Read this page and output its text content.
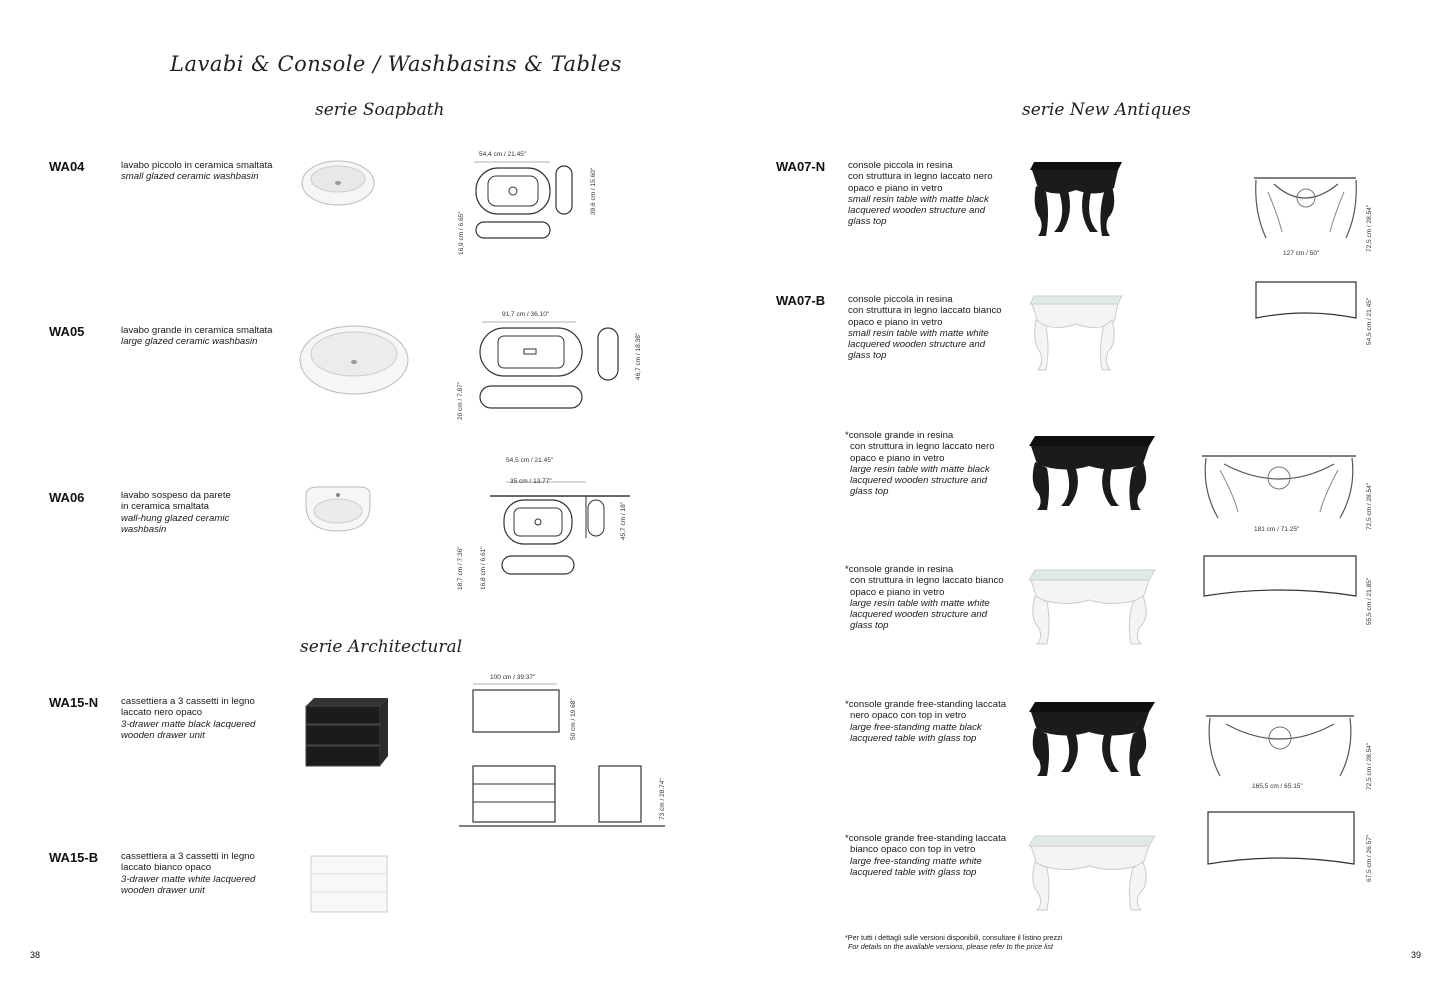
Lavabi & Console / Washbasins & Tables
serie Soapbath
serie Architectural
serie New Antiques
WA04	lavabo piccolo in ceramica smaltata
small glazed ceramic washbasin
54,4 cm / 21.45"
39,6 cm / 15.60"
16,9 cm / 6.65"
WA05	lavabo grande in ceramica smaltata
large glazed ceramic washbasin
91,7 cm / 36.10"
46,7 cm / 18.38"
20 cm / 7.87"
WA06	lavabo sospeso da parete
in ceramica smaltata
wall-hung glazed ceramic
washbasin
54,5 cm / 21.45"
35 cm / 13.77"
45,7 cm / 18"
18,7 cm / 7.36" 16,8 cm / 6.61"
WA15-N cassettiera a 3 cassetti in legno
laccato nero opaco
3-drawer matte black lacquered
wooden drawer unit
100 cm / 39.37"
50 cm / 19.68"
73 cm / 28.74"
WA15-B cassettiera a 3 cassetti in legno
laccato bianco opaco
3-drawer matte white lacquered
wooden drawer unit
38
WA07-N console piccola in resina
con struttura in legno laccato nero
opaco e piano in vetro
small resin table with matte black
lacquered wooden structure and
glass top
127 cm / 50"
72,5 cm / 28.54"
WA07-B console piccola in resina
con struttura in legno laccato bianco
opaco e piano in vetro
small resin table with matte white
lacquered wooden structure and
glass top
54,5 cm / 21.45"
*console grande in resina
con struttura in legno laccato nero
opaco e piano in vetro
large resin table with matte black
lacquered wooden structure and
glass top
181 cm / 71.25"	72,5 cm / 28.54"
*console grande in resina
con struttura in legno laccato bianco
opaco e piano in vetro
large resin table with matte white
lacquered wooden structure and
glass top
55,5 cm / 21.85"
*console grande free-standing laccata
nero opaco con top in vetro
large free-standing matte black
lacquered table with glass top
165,5 cm / 65.15"	72,5 cm / 28.54"
*console grande free-standing laccata
bianco opaco con top in vetro
large free-standing matte white
lacquered table with glass top	67,5 cm / 26.57"
*Per tutti i dettagli sulle versioni disponibili, consultare il listino prezzi
For details on the available versions, please refer to the price list
39
